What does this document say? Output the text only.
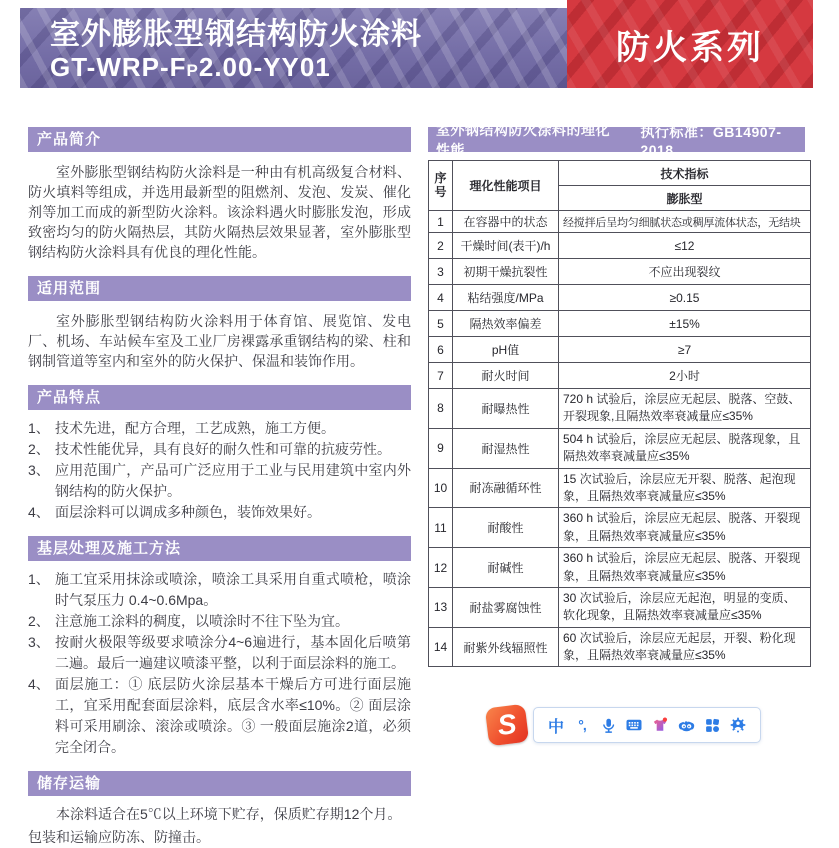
室外膨胀型钢结构防火涂料
GT-WRP-FP2.00-YY01
防火系列
产品简介
室外膨胀型钢结构防火涂料是一种由有机高级复合材料、防火填料等组成，并选用最新型的阻燃剂、发泡、发炭、催化剂等加工而成的新型防火涂料。该涂料遇火时膨胀发泡，形成致密均匀的防火隔热层，其防火隔热层效果显著，室外膨胀型钢结构防火涂料具有优良的理化性能。
适用范围
室外膨胀型钢结构防火涂料用于体育馆、展览馆、发电厂、机场、车站候车室及工业厂房裸露承重钢结构的梁、柱和钢制管道等室内和室外的防火保护、保温和装饰作用。
产品特点
1、 技术先进，配方合理，工艺成熟，施工方便。
2、 技术性能优异，具有良好的耐久性和可靠的抗疲劳性。
3、 应用范围广，产品可广泛应用于工业与民用建筑中室内外钢结构的防火保护。
4、 面层涂料可以调成多种颜色，装饰效果好。
基层处理及施工方法
1、 施工宜采用抹涂或喷涂，喷涂工具采用自重式喷枪，喷涂时气泵压力 0.4~0.6Mpa。
2、 注意施工涂料的稠度，以喷涂时不往下坠为宜。
3、 按耐火极限等级要求喷涂分4~6遍进行，基本固化后喷第二遍。最后一遍建议喷漆平整，以利于面层涂料的施工。
4、 面层施工：① 底层防火涂层基本干燥后方可进行面层施工，宜采用配套面层涂料，底层含水率≤10%。② 面层涂料可采用刷涂、滚涂或喷涂。③ 一般面层施涂2道，必须完全闭合。
储存运输
本涂料适合在5℃以上环境下贮存，保质贮存期12个月。
包装和运输应防冻、防撞击。
室外钢结构防火涂料的理化性能
执行标准：GB14907-2018
序号	理化性能项目	技术指标
		膨胀型
1	在容器中的状态	经搅拌后呈均匀细腻状态或稠厚流体状态，无结块
2	干燥时间(表干)/h	≤12
3	初期干燥抗裂性	不应出现裂纹
4	粘结强度/MPa	≥0.15
5	隔热效率偏差	±15%
6	pH值	≥7
7	耐火时间	2小时
8	耐曝热性	720 h 试验后，涂层应无起层、脱落、空鼓、开裂现象,且隔热效率衰减量应≤35%
9	耐湿热性	504 h 试验后，涂层应无起层、脱落现象，且隔热效率衰减量应≤35%
10	耐冻融循环性	15 次试验后，涂层应无开裂、脱落、起泡现象，且隔热效率衰减量应≤35%
11	耐酸性	360 h 试验后，涂层应无起层、脱落、开裂现象，且隔热效率衰减量应≤35%
12	耐碱性	360 h 试验后，涂层应无起层、脱落、开裂现象，且隔热效率衰减量应≤35%
13	耐盐雾腐蚀性	30 次试验后，涂层应无起泡，明显的变质、软化现象，且隔热效率衰减量应≤35%
14	耐紫外线辐照性	60 次试验后，涂层应无起层，开裂、粉化现象，且隔热效率衰减量应≤35%
S 中 °,
